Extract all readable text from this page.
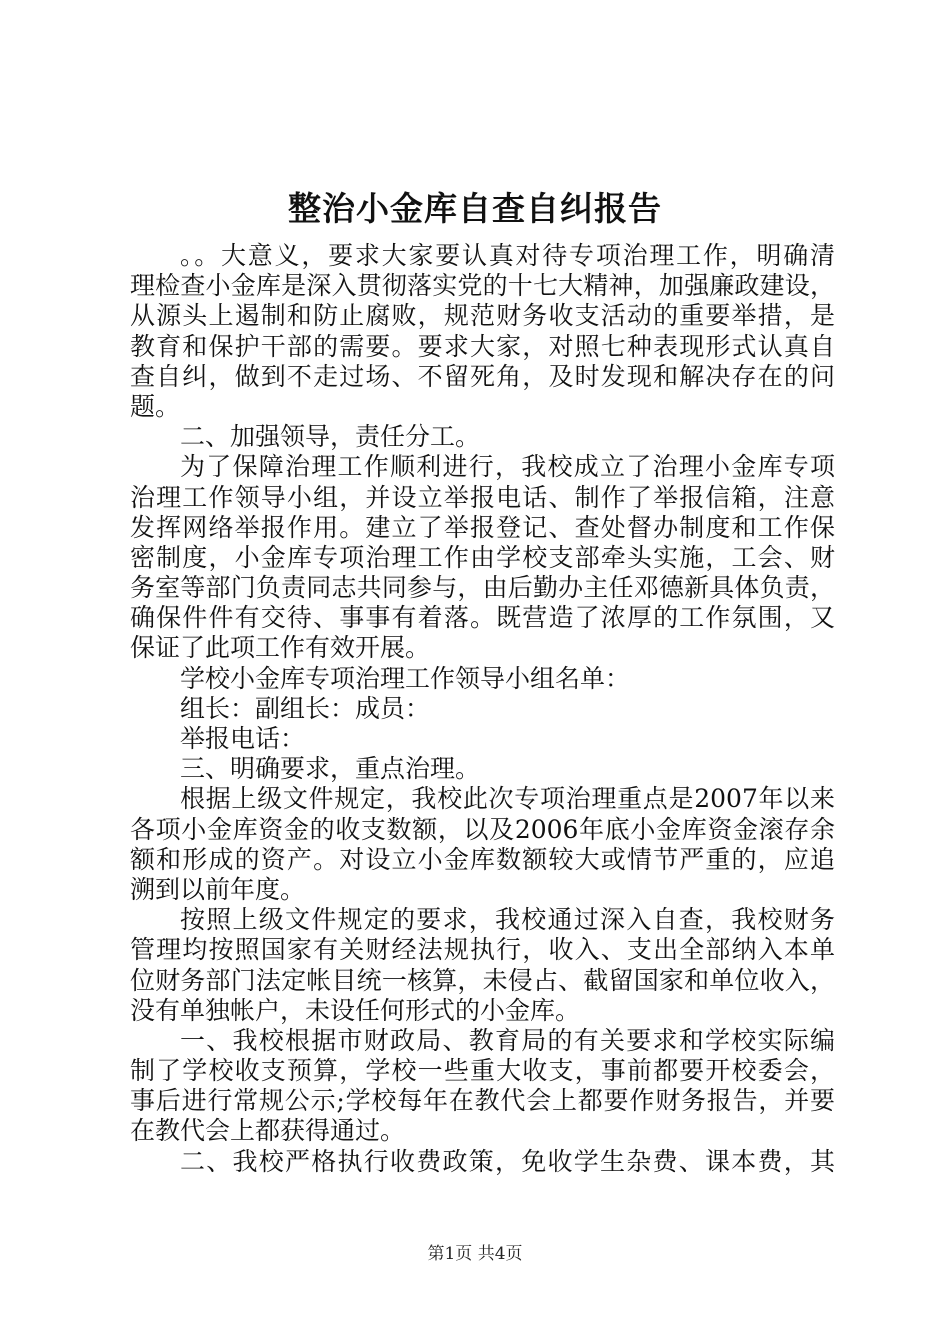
整治小金库自查自纠报告
。。大意义，要求大家要认真对待专项治理工作，明确清 理检查小金库是深入贯彻落实党的十七大精神，加强廉政建设， 从源头上遏制和防止腐败，规范财务收支活动的重要举措，是 教育和保护干部的需要。要求大家，对照七种表现形式认真自 查自纠，做到不走过场、不留死角，及时发现和解决存在的问 题。 二、加强领导，责任分工。 为了保障治理工作顺利进行，我校成立了治理小金库专项 治理工作领导小组，并设立举报电话、制作了举报信箱，注意 发挥网络举报作用。建立了举报登记、查处督办制度和工作保 密制度，小金库专项治理工作由学校支部牵头实施，工会、财 务室等部门负责同志共同参与，由后勤办主任邓德新具体负责， 确保件件有交待、事事有着落。既营造了浓厚的工作氛围，又 保证了此项工作有效开展。 学校小金库专项治理工作领导小组名单： 组长：副组长：成员： 举报电话： 三、明确要求，重点治理。 根据上级文件规定，我校此次专项治理重点是2007年以来 各项小金库资金的收支数额，以及2006年底小金库资金滚存余 额和形成的资产。对设立小金库数额较大或情节严重的，应追 溯到以前年度。 按照上级文件规定的要求，我校通过深入自查，我校财务 管理均按照国家有关财经法规执行，收入、支出全部纳入本单 位财务部门法定帐目统一核算，未侵占、截留国家和单位收入， 没有单独帐户，未设任何形式的小金库。 一、我校根据市财政局、教育局的有关要求和学校实际编 制了学校收支预算，学校一些重大收支，事前都要开校委会， 事后进行常规公示;学校每年在教代会上都要作财务报告，并要 在教代会上都获得通过。 二、我校严格执行收费政策，免收学生杂费、课本费，其
第1页 共4页
